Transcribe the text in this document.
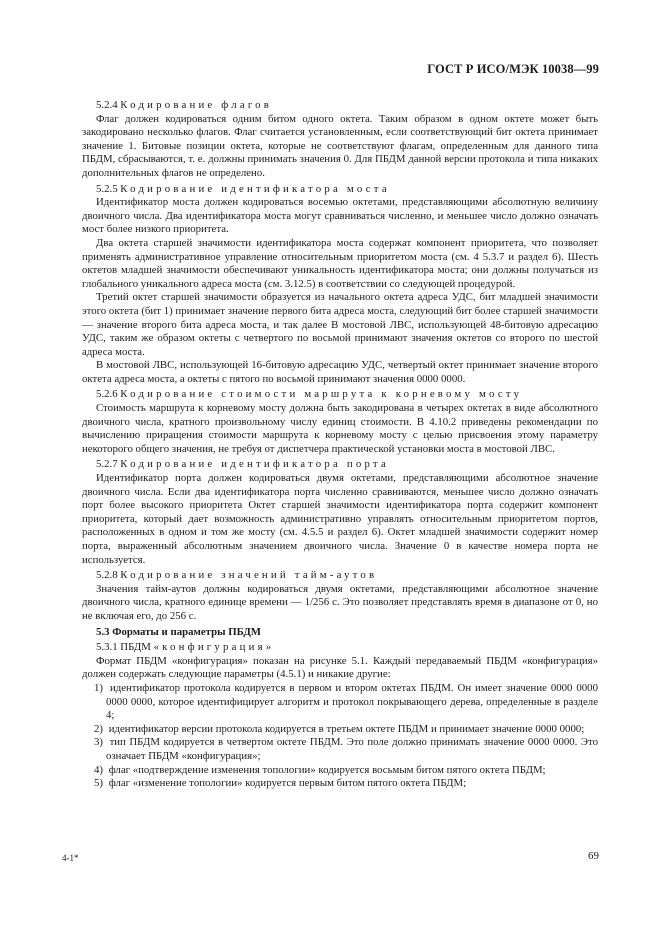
ГОСТ Р ИСО/МЭК 10038—99

5.2.4 Кодирование флагов

Флаг должен кодироваться одним битом одного октета. Таким образом в одном октете может быть закодировано несколько флагов. Флаг считается установленным, если соответствующий бит октета принимает значение 1. Битовые позиции октета, которые не соответствуют флагам, определенным для данного типа ПБДМ, сбрасываются, т. е. должны принимать значения 0. Для ПБДМ данной версии протокола и типа никаких дополнительных флагов не определено.

5.2.5 Кодирование идентификатора моста

Идентификатор моста должен кодироваться восемью октетами, представляющими абсолютную величину двоичного числа. Два идентификатора моста могут сравниваться численно, и меньшее число должно означать мост более низкого приоритета.

Два октета старшей значимости идентификатора моста содержат компонент приоритета, что позволяет применять административное управление относительным приоритетом моста (см. 4 5.3.7 и раздел 6). Шесть октетов младшей значимости обеспечивают уникальность идентификатора моста; они должны получаться из глобального уникального адреса моста (см. 3.12.5) в соответствии со следующей процедурой.

Третий октет старшей значимости образуется из начального октета адреса УДС, бит младшей значимости этого октета (бит 1) принимает значение первого бита адреса моста, следующий бит более старшей значимости — значение второго бита адреса моста, и так далее В мостовой ЛВС, использующей 48-битовую адресацию УДС, таким же образом октеты с четвертого по восьмой принимают значения октетов со второго по шестой адреса моста.

В мостовой ЛВС, использующей 16-битовую адресацию УДС, четвертый октет принимает значение второго октета адреса моста, а октеты с пятого по восьмой принимают значения 0000 0000.

5.2.6 Кодирование стоимости маршрута к корневому мосту

Стоимость маршрута к корневому мосту должна быть закодирована в четырех октетах в виде абсолютного двоичного числа, кратного произвольному числу единиц стоимости. В 4.10.2 приведены рекомендации по вычислению приращения стоимости маршрута к корневому мосту с целью присвоения этому параметру некоторого общего значения, не требуя от диспетчера практической установки моста в мостовой ЛВС.

5.2.7 Кодирование идентификатора порта

Идентификатор порта должен кодироваться двумя октетами, представляющими абсолютное значение двоичного числа. Если два идентификатора порта численно сравниваются, меньшее число должно означать порт более высокого приоритета Октет старшей значимости идентификатора порта содержит компонент приоритета, который дает возможность административно управлять относительным приоритетом портов, расположенных в одном и том же мосту (см. 4.5.5 и раздел 6). Октет младшей значимости содержит номер порта, выраженный абсолютным значением двоичного числа. Значение 0 в качестве номера порта не используется.

5.2.8 Кодирование значений тайм-аутов

Значения тайм-аутов должны кодироваться двумя октетами, представляющими абсолютное значение двоичного числа, кратного единице времени — 1/256 с. Это позволяет представлять время в диапазоне от 0, но не включая его, до 256 с.

5.3 Форматы и параметры ПБДМ

5.3.1 ПБДМ «конфигурация»

Формат ПБДМ «конфигурация» показан на рисунке 5.1. Каждый передаваемый ПБДМ «конфигурация» должен содержать следующие параметры (4.5.1) и никакие другие:

1) идентификатор протокола кодируется в первом и втором октетах ПБДМ. Он имеет значение 0000 0000 0000 0000, которое идентифицирует алгоритм и протокол покрывающего дерева, определенные в разделе 4;

2) идентификатор версии протокола кодируется в третьем октете ПБДМ и принимает значение 0000 0000;

3) тип ПБДМ кодируется в четвертом октете ПБДМ. Это поле должно принимать значение 0000 0000. Это означает ПБДМ «конфигурация»;

4) флаг «подтверждение изменения топологии» кодируется восьмым битом пятого октета ПБДМ;

5) флаг «изменение топологии» кодируется первым битом пятого октета ПБДМ;

4-1*	69
